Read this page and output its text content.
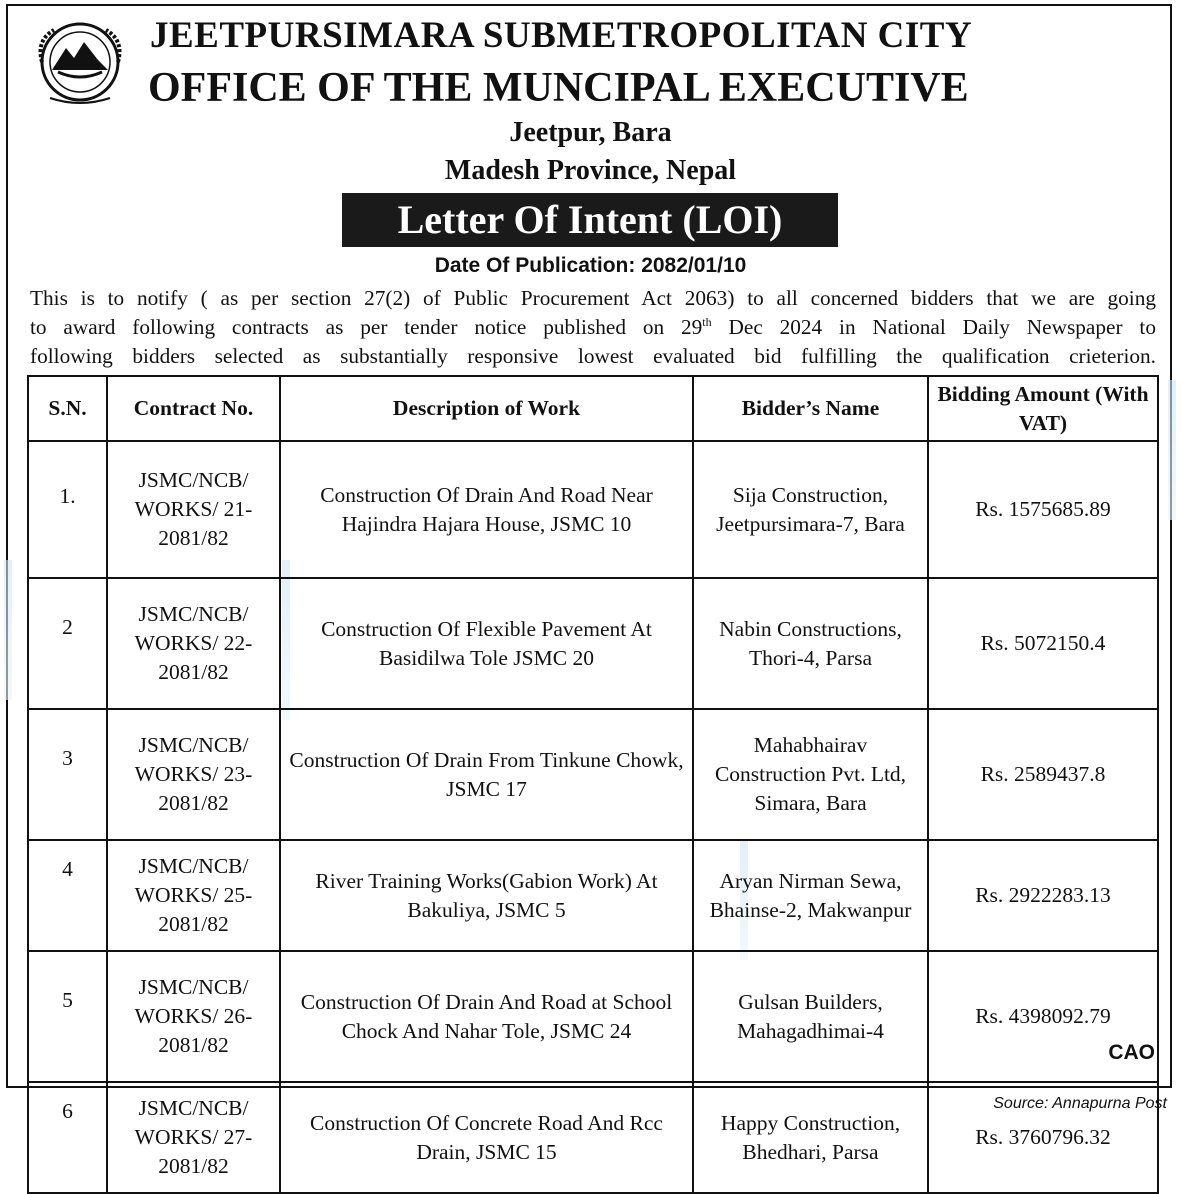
JEETPURSIMARA SUBMETROPOLITAN CITY
OFFICE OF THE MUNCIPAL EXECUTIVE
Jeetpur, Bara
Madesh Province, Nepal
Letter Of Intent (LOI)
Date Of Publication: 2082/01/10
This is to notify ( as per section 27(2) of Public Procurement Act 2063) to all concerned bidders that we are going
to award following contracts as per tender notice published on 29th Dec 2024 in National Daily Newspaper to
following bidders selected as substantially responsive lowest evaluated bid fulfilling the qualification crieterion.
S.N.	Contract No.	Description of Work	Bidder’s Name	Bidding Amount (With VAT)
1.	JSMC/NCB/ WORKS/ 21-2081/82	Construction Of Drain And Road Near Hajindra Hajara House, JSMC 10	Sija Construction, Jeetpursimara-7, Bara	Rs. 1575685.89
2	JSMC/NCB/ WORKS/ 22-2081/82	Construction Of Flexible Pavement At Basidilwa Tole JSMC 20	Nabin Constructions, Thori-4, Parsa	Rs. 5072150.4
3	JSMC/NCB/ WORKS/ 23-2081/82	Construction Of Drain From Tinkune Chowk, JSMC 17	Mahabhairav Construction Pvt. Ltd, Simara, Bara	Rs. 2589437.8
4	JSMC/NCB/ WORKS/ 25-2081/82	River Training Works(Gabion Work) At Bakuliya, JSMC 5	Aryan Nirman Sewa, Bhainse-2, Makwanpur	Rs. 2922283.13
5	JSMC/NCB/ WORKS/ 26-2081/82	Construction Of Drain And Road at School Chock And Nahar Tole, JSMC 24	Gulsan Builders, Mahagadhimai-4	Rs. 4398092.79
6	JSMC/NCB/ WORKS/ 27-2081/82	Construction Of Concrete Road And Rcc Drain, JSMC 15	Happy Construction, Bhedhari, Parsa	Rs. 3760796.32
CAO
Source: Annapurna Post
